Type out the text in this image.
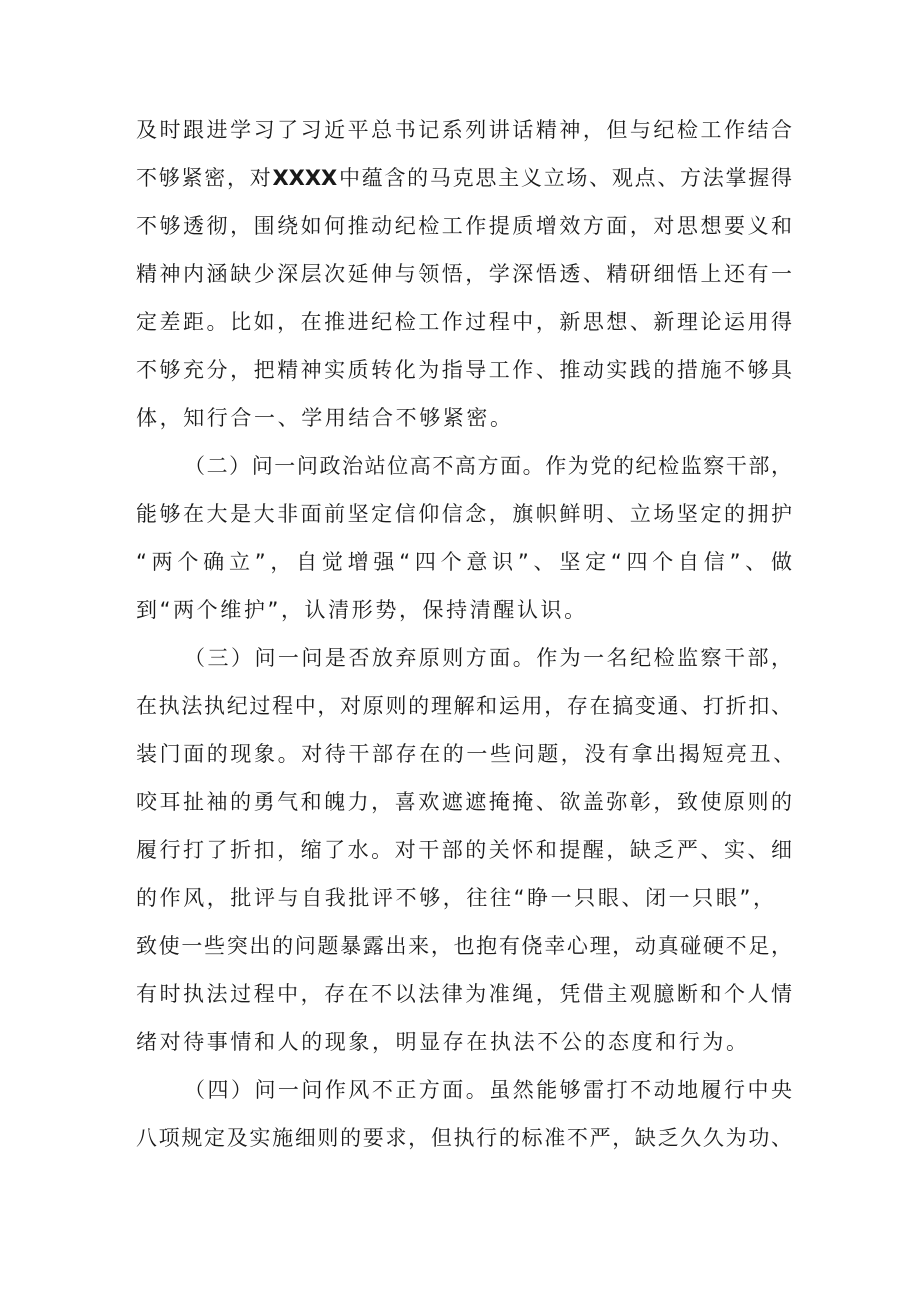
及时跟进学习了习近平总书记系列讲话精神，但与纪检工作结合
不够紧密，对XXXX中蕴含的马克思主义立场、观点、方法掌握得
不够透彻，围绕如何推动纪检工作提质增效方面，对思想要义和
精神内涵缺少深层次延伸与领悟，学深悟透、精研细悟上还有一
定差距。比如，在推进纪检工作过程中，新思想、新理论运用得
不够充分，把精神实质转化为指导工作、推动实践的措施不够具
体，知行合一、学用结合不够紧密。
（二）问一问政治站位高不高方面。作为党的纪检监察干部，
能够在大是大非面前坚定信仰信念，旗帜鲜明、立场坚定的拥护
“两个确立”，自觉增强“四个意识”、坚定“四个自信”、做
到“两个维护”，认清形势，保持清醒认识。
（三）问一问是否放弃原则方面。作为一名纪检监察干部，
在执法执纪过程中，对原则的理解和运用，存在搞变通、打折扣、
装门面的现象。对待干部存在的一些问题，没有拿出揭短亮丑、
咬耳扯袖的勇气和魄力，喜欢遮遮掩掩、欲盖弥彰，致使原则的
履行打了折扣，缩了水。对干部的关怀和提醒，缺乏严、实、细
的作风，批评与自我批评不够，往往“睁一只眼、闭一只眼”，
致使一些突出的问题暴露出来，也抱有侥幸心理，动真碰硬不足，
有时执法过程中，存在不以法律为准绳，凭借主观臆断和个人情
绪对待事情和人的现象，明显存在执法不公的态度和行为。
（四）问一问作风不正方面。虽然能够雷打不动地履行中央
八项规定及实施细则的要求，但执行的标准不严，缺乏久久为功、
